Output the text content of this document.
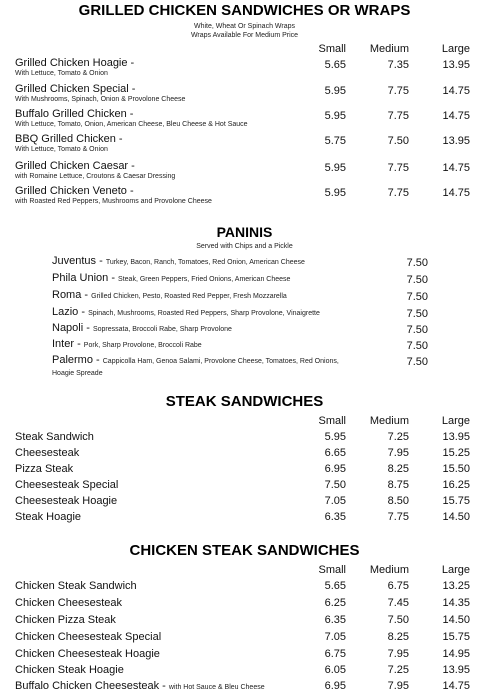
GRILLED CHICKEN SANDWICHES OR WRAPS
White, Wheat Or Spinach Wraps
Wraps Available For Medium Price
Small	Medium	Large
Grilled Chicken Hoagie -
With Lettuce, Tomato & Onion
5.65	7.35	13.95
Grilled Chicken Special -
With Mushrooms, Spinach, Onion & Provolone Cheese
5.95	7.75	14.75
Buffalo Grilled Chicken -
With Lettuce, Tomato, Onion, American Cheese, Bleu Cheese & Hot Sauce
5.95	7.75	14.75
BBQ Grilled Chicken -
With Lettuce, Tomato & Onion
5.75	7.50	13.95
Grilled Chicken Caesar -
with Romaine Lettuce, Croutons & Caesar Dressing
5.95	7.75	14.75
Grilled Chicken Veneto -
with Roasted Red Peppers, Mushrooms and Provolone Cheese
5.95	7.75	14.75
PANINIS
Served with Chips and a Pickle
Juventus - Turkey, Bacon, Ranch, Tomatoes, Red Onion, American Cheese	7.50
Phila Union - Steak, Green Peppers, Fried Onions, American Cheese	7.50
Roma - Grilled Chicken, Pesto, Roasted Red Pepper, Fresh Mozzarella	7.50
Lazio - Spinach, Mushrooms, Roasted Red Peppers, Sharp Provolone, Vinaigrette	7.50
Napoli - Sopressata, Broccoli Rabe, Sharp Provolone	7.50
Inter - Pork, Sharp Provolone, Broccoli Rabe	7.50
Palermo - Cappicolla Ham, Genoa Salami, Provolone Cheese, Tomatoes, Red Onions, Hoagie Spreade
7.50
STEAK SANDWICHES
Small	Medium	Large
Steak Sandwich	5.95	7.25	13.95
Cheesesteak	6.65	7.95	15.25
Pizza Steak	6.95	8.25	15.50
Cheesesteak Special	7.50	8.75	16.25
Cheesesteak Hoagie	7.05	8.50	15.75
Steak Hoagie	6.35	7.75	14.50
CHICKEN STEAK SANDWICHES
Small	Medium	Large
Chicken Steak Sandwich	5.65	6.75	13.25
Chicken Cheesesteak	6.25	7.45	14.35
Chicken Pizza Steak	6.35	7.50	14.50
Chicken Cheesesteak Special	7.05	8.25	15.75
Chicken Cheesesteak Hoagie	6.75	7.95	14.95
Chicken Steak Hoagie	6.05	7.25	13.95
Buffalo Chicken Cheesesteak - with Hot Sauce & Bleu Cheese	6.95	7.95	14.75
